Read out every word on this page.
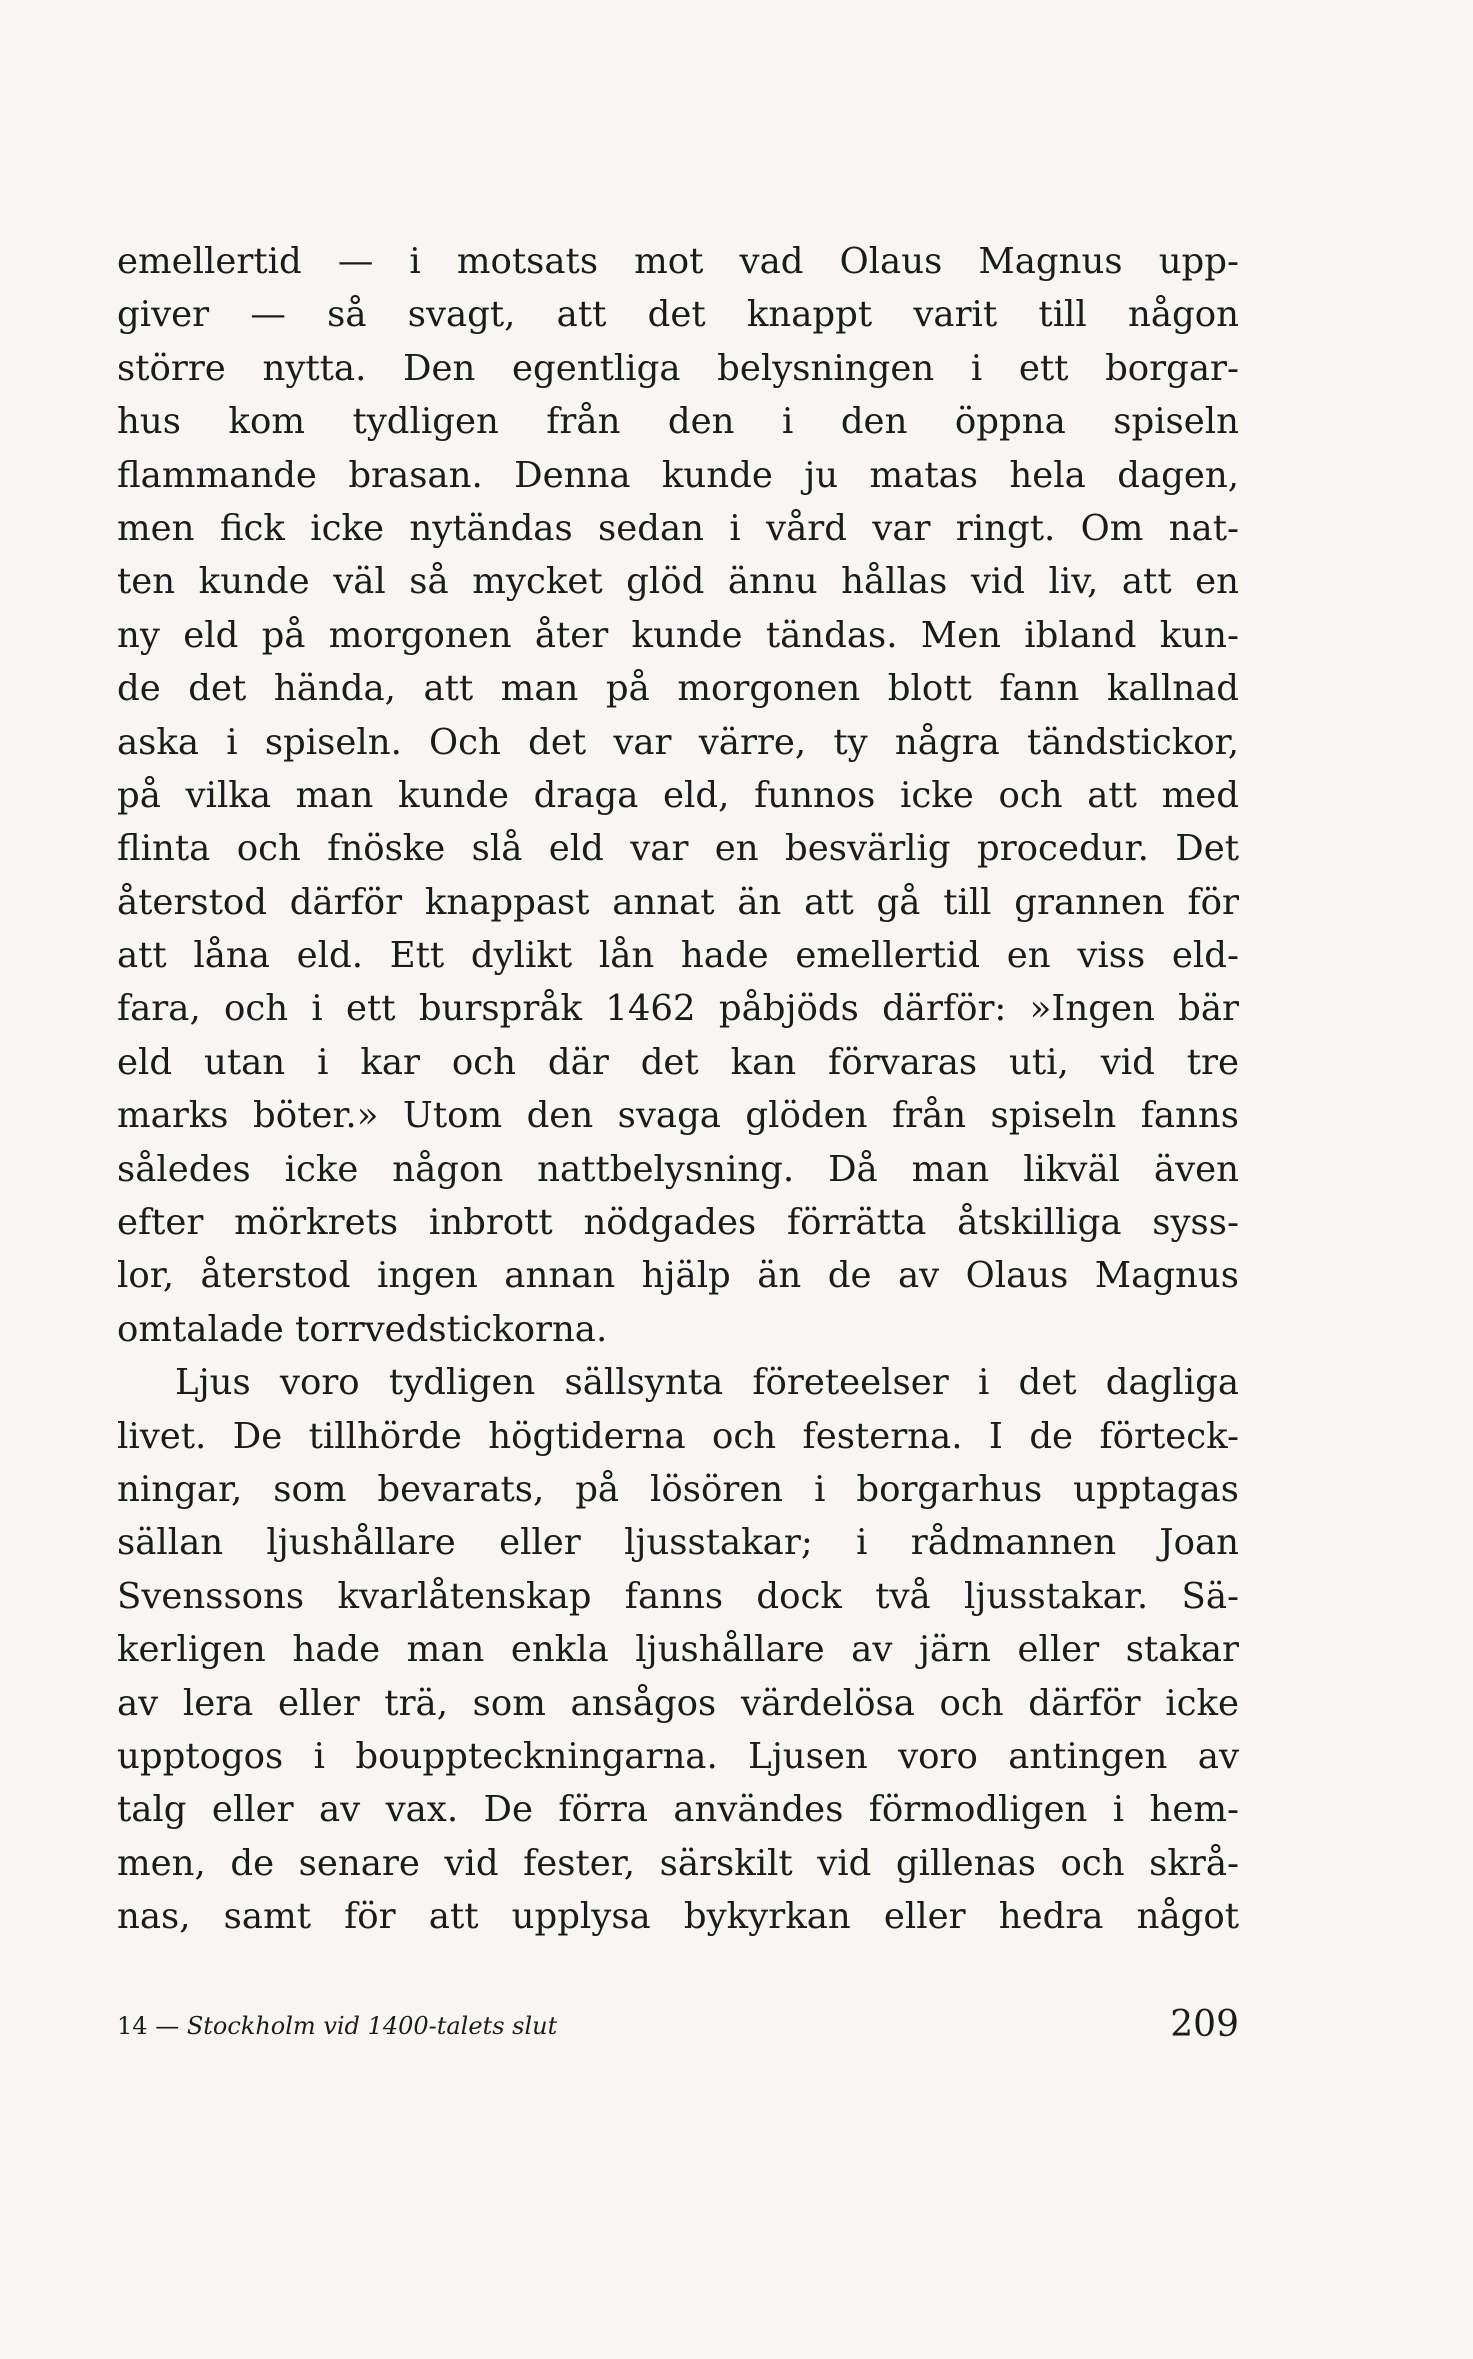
emellertid — i motsats mot vad Olaus Magnus upp-
giver — så svagt, att det knappt varit till någon
större nytta. Den egentliga belysningen i ett borgar-
hus kom tydligen från den i den öppna spiseln
flammande brasan. Denna kunde ju matas hela dagen,
men fick icke nytändas sedan i vård var ringt. Om nat-
ten kunde väl så mycket glöd ännu hållas vid liv, att en
ny eld på morgonen åter kunde tändas. Men ibland kun-
de det hända, att man på morgonen blott fann kallnad
aska i spiseln. Och det var värre, ty några tändstickor,
på vilka man kunde draga eld, funnos icke och att med
flinta och fnöske slå eld var en besvärlig procedur. Det
återstod därför knappast annat än att gå till grannen för
att låna eld. Ett dylikt lån hade emellertid en viss eld-
fara, och i ett burspråk 1462 påbjöds därför: »Ingen bär
eld utan i kar och där det kan förvaras uti, vid tre
marks böter.» Utom den svaga glöden från spiseln fanns
således icke någon nattbelysning. Då man likväl även
efter mörkrets inbrott nödgades förrätta åtskilliga syss-
lor, återstod ingen annan hjälp än de av Olaus Magnus
omtalade torrvedstickorna.
Ljus voro tydligen sällsynta företeelser i det dagliga
livet. De tillhörde högtiderna och festerna. I de förteck-
ningar, som bevarats, på lösören i borgarhus upptagas
sällan ljushållare eller ljusstakar; i rådmannen Joan
Svenssons kvarlåtenskap fanns dock två ljusstakar. Sä-
kerligen hade man enkla ljushållare av järn eller stakar
av lera eller trä, som ansågos värdelösa och därför icke
upptogos i bouppteckningarna. Ljusen voro antingen av
talg eller av vax. De förra användes förmodligen i hem-
men, de senare vid fester, särskilt vid gillenas och skrå-
nas, samt för att upplysa bykyrkan eller hedra något
14 — Stockholm vid 1400-talets slut	209
